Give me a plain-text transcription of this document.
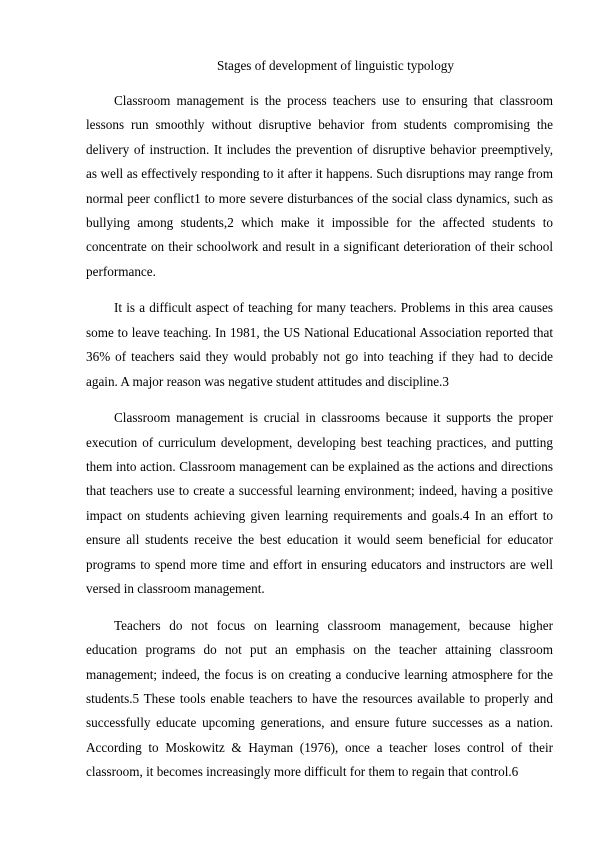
Stages of development of linguistic typology

Classroom management is the process teachers use to ensuring that classroom lessons run smoothly without disruptive behavior from students compromising the delivery of instruction. It includes the prevention of disruptive behavior preemptively, as well as effectively responding to it after it happens. Such disruptions may range from normal peer conflict1 to more severe disturbances of the social class dynamics, such as bullying among students,2 which make it impossible for the affected students to concentrate on their schoolwork and result in a significant deterioration of their school performance.

It is a difficult aspect of teaching for many teachers. Problems in this area causes some to leave teaching. In 1981, the US National Educational Association reported that 36% of teachers said they would probably not go into teaching if they had to decide again. A major reason was negative student attitudes and discipline.3

Classroom management is crucial in classrooms because it supports the proper execution of curriculum development, developing best teaching practices, and putting them into action. Classroom management can be explained as the actions and directions that teachers use to create a successful learning environment; indeed, having a positive impact on students achieving given learning requirements and goals.4 In an effort to ensure all students receive the best education it would seem beneficial for educator programs to spend more time and effort in ensuring educators and instructors are well versed in classroom management.

Teachers do not focus on learning classroom management, because higher education programs do not put an emphasis on the teacher attaining classroom management; indeed, the focus is on creating a conducive learning atmosphere for the students.5 These tools enable teachers to have the resources available to properly and successfully educate upcoming generations, and ensure future successes as a nation. According to Moskowitz & Hayman (1976), once a teacher loses control of their classroom, it becomes increasingly more difficult for them to regain that control.6
